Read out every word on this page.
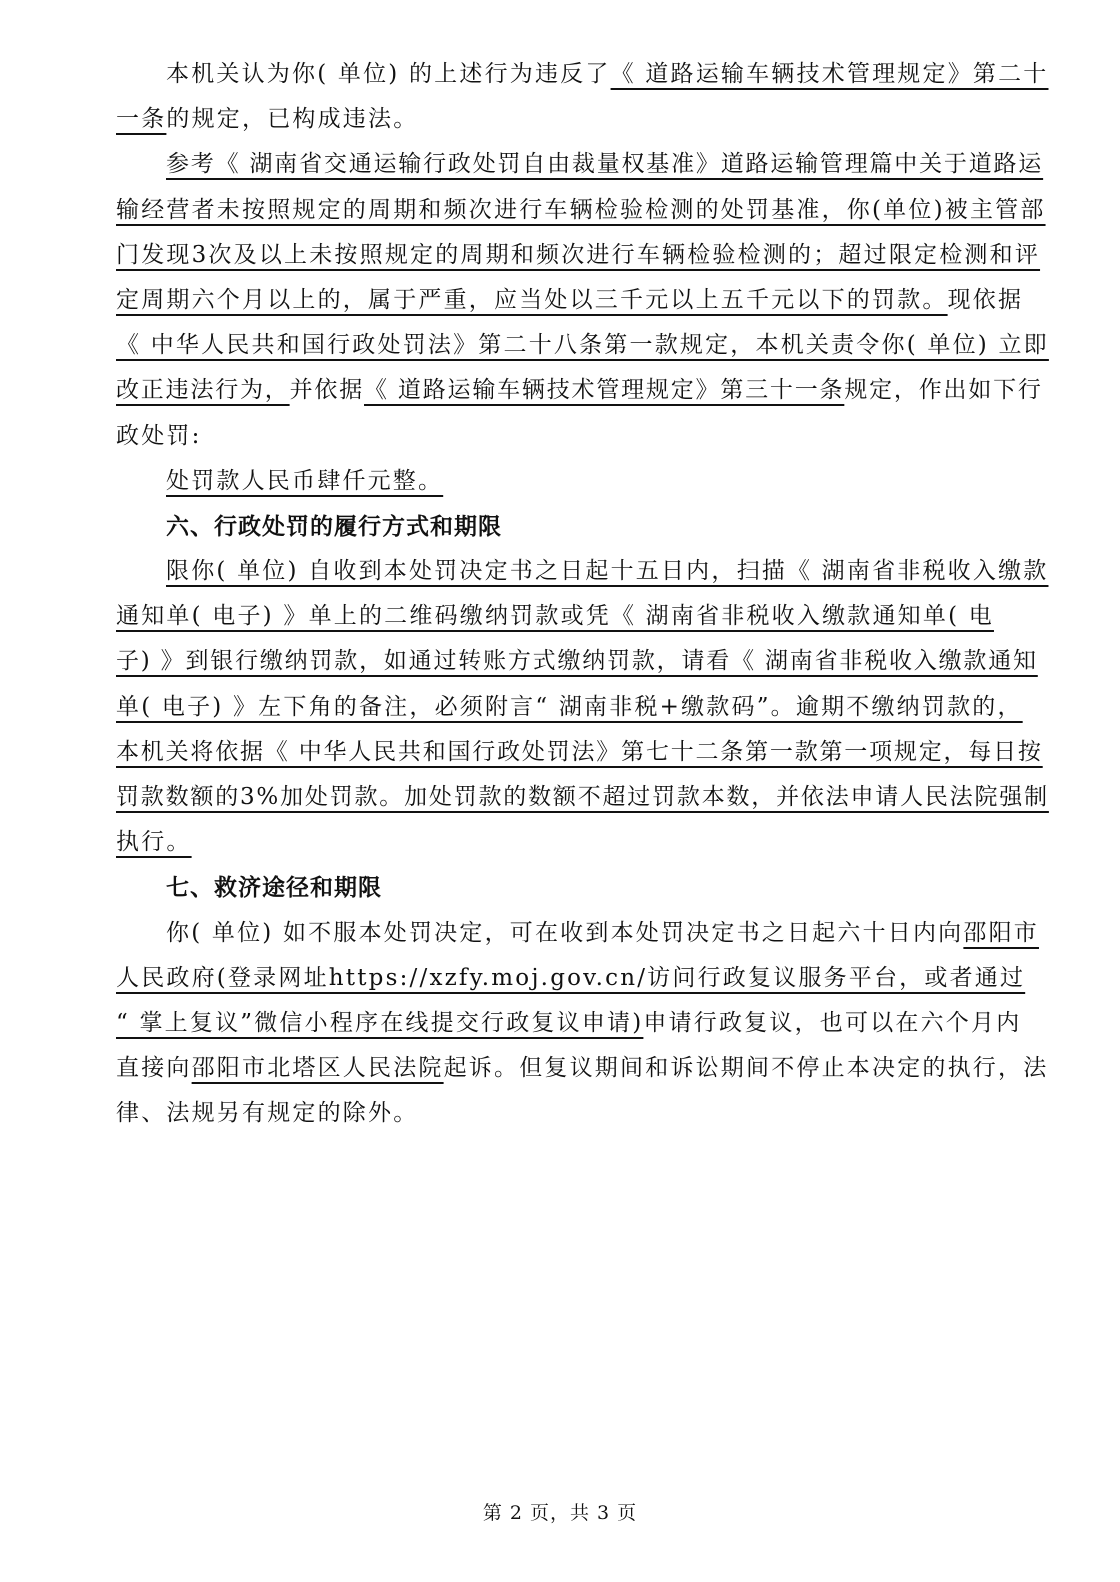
本机关认为你( 单位) 的上述行为违反了《 道路运输车辆技术管理规定》第二十
一条的规定，已构成违法。
参考《 湖南省交通运输行政处罚自由裁量权基准》道路运输管理篇中关于道路运
输经营者未按照规定的周期和频次进行车辆检验检测的处罚基准，你(单位)被主管部
门发现3次及以上未按照规定的周期和频次进行车辆检验检测的；超过限定检测和评
定周期六个月以上的，属于严重，应当处以三千元以上五千元以下的罚款。现依据
《 中华人民共和国行政处罚法》第二十八条第一款规定，本机关责令你( 单位) 立即
改正违法行为，并依据《 道路运输车辆技术管理规定》第三十一条规定，作出如下行
政处罚:
处罚款人民币肆仟元整。
六、行政处罚的履行方式和期限
限你( 单位) 自收到本处罚决定书之日起十五日内，扫描《 湖南省非税收入缴款
通知单( 电子) 》单上的二维码缴纳罚款或凭《 湖南省非税收入缴款通知单( 电
子) 》到银行缴纳罚款，如通过转账方式缴纳罚款，请看《 湖南省非税收入缴款通知
单( 电子) 》左下角的备注，必须附言“ 湖南非税+缴款码”。逾期不缴纳罚款的，
本机关将依据《 中华人民共和国行政处罚法》第七十二条第一款第一项规定，每日按
罚款数额的3%加处罚款。加处罚款的数额不超过罚款本数，并依法申请人民法院强制
执行。
七、救济途径和期限
你( 单位) 如不服本处罚决定，可在收到本处罚决定书之日起六十日内向邵阳市
人民政府(登录网址https://xzfy.moj.gov.cn/访问行政复议服务平台，或者通过
“ 掌上复议”微信小程序在线提交行政复议申请)申请行政复议，也可以在六个月内
直接向邵阳市北塔区人民法院起诉。但复议期间和诉讼期间不停止本决定的执行，法
律、法规另有规定的除外。
第 2 页，共 3 页
